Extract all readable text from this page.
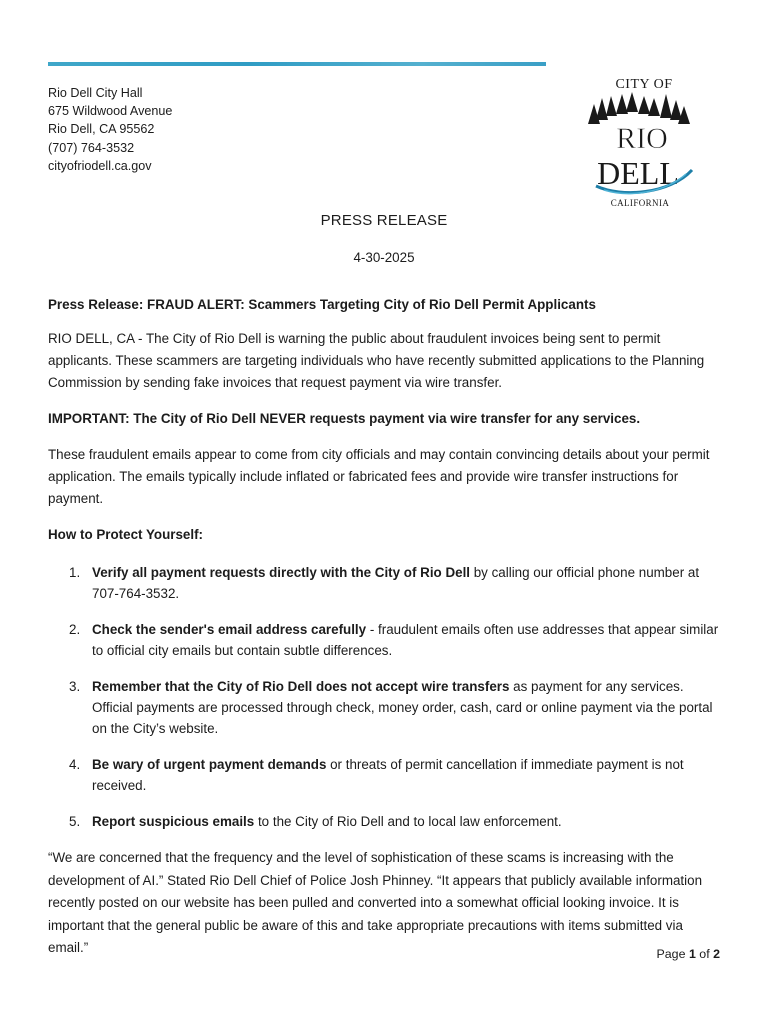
Rio Dell City Hall
675 Wildwood Avenue
Rio Dell, CA 95562
(707) 764-3532
cityofriodell.ca.gov
CITY OF
RIO
DELL
CALIFORNIA
PRESS RELEASE
4-30-2025

Press Release: FRAUD ALERT: Scammers Targeting City of Rio Dell Permit Applicants

RIO DELL, CA - The City of Rio Dell is warning the public about fraudulent invoices being sent to permit applicants. These scammers are targeting individuals who have recently submitted applications to the Planning Commission by sending fake invoices that request payment via wire transfer.

IMPORTANT: The City of Rio Dell NEVER requests payment via wire transfer for any services.

These fraudulent emails appear to come from city officials and may contain convincing details about your permit application. The emails typically include inflated or fabricated fees and provide wire transfer instructions for payment.

How to Protect Yourself:

1. Verify all payment requests directly with the City of Rio Dell by calling our official phone number at 707-764-3532.
2. Check the sender's email address carefully - fraudulent emails often use addresses that appear similar to official city emails but contain subtle differences.
3. Remember that the City of Rio Dell does not accept wire transfers as payment for any services. Official payments are processed through check, money order, cash, card or online payment via the portal on the City’s website.
4. Be wary of urgent payment demands or threats of permit cancellation if immediate payment is not received.
5. Report suspicious emails to the City of Rio Dell and to local law enforcement.

“We are concerned that the frequency and the level of sophistication of these scams is increasing with the development of AI.” Stated Rio Dell Chief of Police Josh Phinney. “It appears that publicly available information recently posted on our website has been pulled and converted into a somewhat official looking invoice. It is important that the general public be aware of this and take appropriate precautions with items submitted via email.”	Page 1 of 2
